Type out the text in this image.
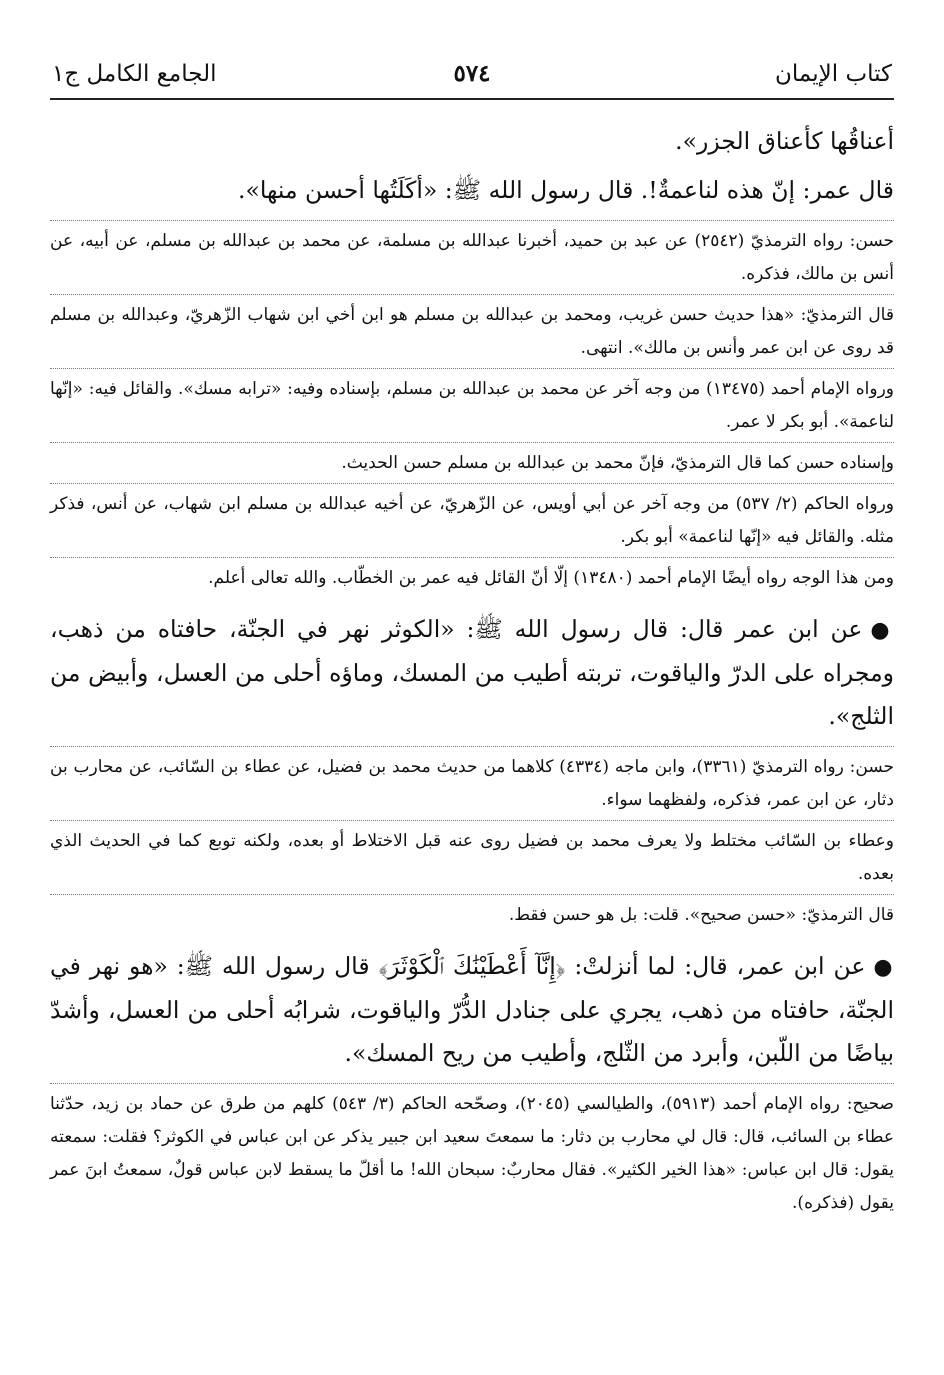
كتاب الإيمان
٥٧٤
الجامع الكامل ج١

أعناقُها كأعناق الجزر».

قال عمر: إنّ هذه لناعمةٌ!. قال رسول الله ﷺ: «أكَلَتُها أحسن منها».

حسن: رواه الترمذيّ (٢٥٤٢) عن عبد بن حميد، أخبرنا عبدالله بن مسلمة، عن محمد بن عبدالله بن مسلم، عن أبيه، عن أنس بن مالك، فذكره.

قال الترمذيّ: «هذا حديث حسن غريب، ومحمد بن عبدالله بن مسلم هو ابن أخي ابن شهاب الزّهريّ، وعبدالله بن مسلم قد روى عن ابن عمر وأنس بن مالك». انتهى.

ورواه الإمام أحمد (١٣٤٧٥) من وجه آخر عن محمد بن عبدالله بن مسلم، بإسناده وفيه: «ترابه مسك». والقائل فيه: «إنّها لناعمة». أبو بكر لا عمر.

وإسناده حسن كما قال الترمذيّ، فإنّ محمد بن عبدالله بن مسلم حسن الحديث.

ورواه الحاكم (٢/ ٥٣٧) من وجه آخر عن أبي أويس، عن الزّهريّ، عن أخيه عبدالله بن مسلم ابن شهاب، عن أنس، فذكر مثله. والقائل فيه «إنّها لناعمة» أبو بكر.

ومن هذا الوجه رواه أيضًا الإمام أحمد (١٣٤٨٠) إلّا أنّ القائل فيه عمر بن الخطّاب. والله تعالى أعلم.

●عن ابن عمر قال: قال رسول الله ﷺ: «الكوثر نهر في الجنّة، حافتاه من ذهب، ومجراه على الدرّ والياقوت، تربته أطيب من المسك، وماؤه أحلى من العسل، وأبيض من الثلج».

حسن: رواه الترمذيّ (٣٣٦١)، وابن ماجه (٤٣٣٤) كلاهما من حديث محمد بن فضيل، عن عطاء بن السّائب، عن محارب بن دثار، عن ابن عمر، فذكره، ولفظهما سواء.

وعطاء بن السّائب مختلط ولا يعرف محمد بن فضيل روى عنه قبل الاختلاط أو بعده، ولكنه توبع كما في الحديث الذي بعده.

قال الترمذيّ: «حسن صحيح». قلت: بل هو حسن فقط.

●عن ابن عمر، قال: لما أنزلتْ: ﴿إِنَّآ أَعْطَيْنَٰكَ ٱلْكَوْثَرَ﴾ قال رسول الله ﷺ: «هو نهر في الجنّة، حافتاه من ذهب، يجري على جنادل الدُّرّ والياقوت، شرابُه أحلى من العسل، وأشدّ بياضًا من اللّبن، وأبرد من الثّلج، وأطيب من ريح المسك».

صحيح: رواه الإمام أحمد (٥٩١٣)، والطيالسي (٢٠٤٥)، وصحّحه الحاكم (٣/ ٥٤٣) كلهم من طرق عن حماد بن زيد، حدّثنا عطاء بن السائب، قال: قال لي محارب بن دثار: ما سمعتَ سعيد ابن جبير يذكر عن ابن عباس في الكوثر؟ فقلت: سمعته يقول: قال ابن عباس: «هذا الخير الكثير». فقال محاربٌ: سبحان الله! ما أقلّ ما يسقط لابن عباس قولٌ، سمعتُ ابنَ عمر يقول (فذكره).
